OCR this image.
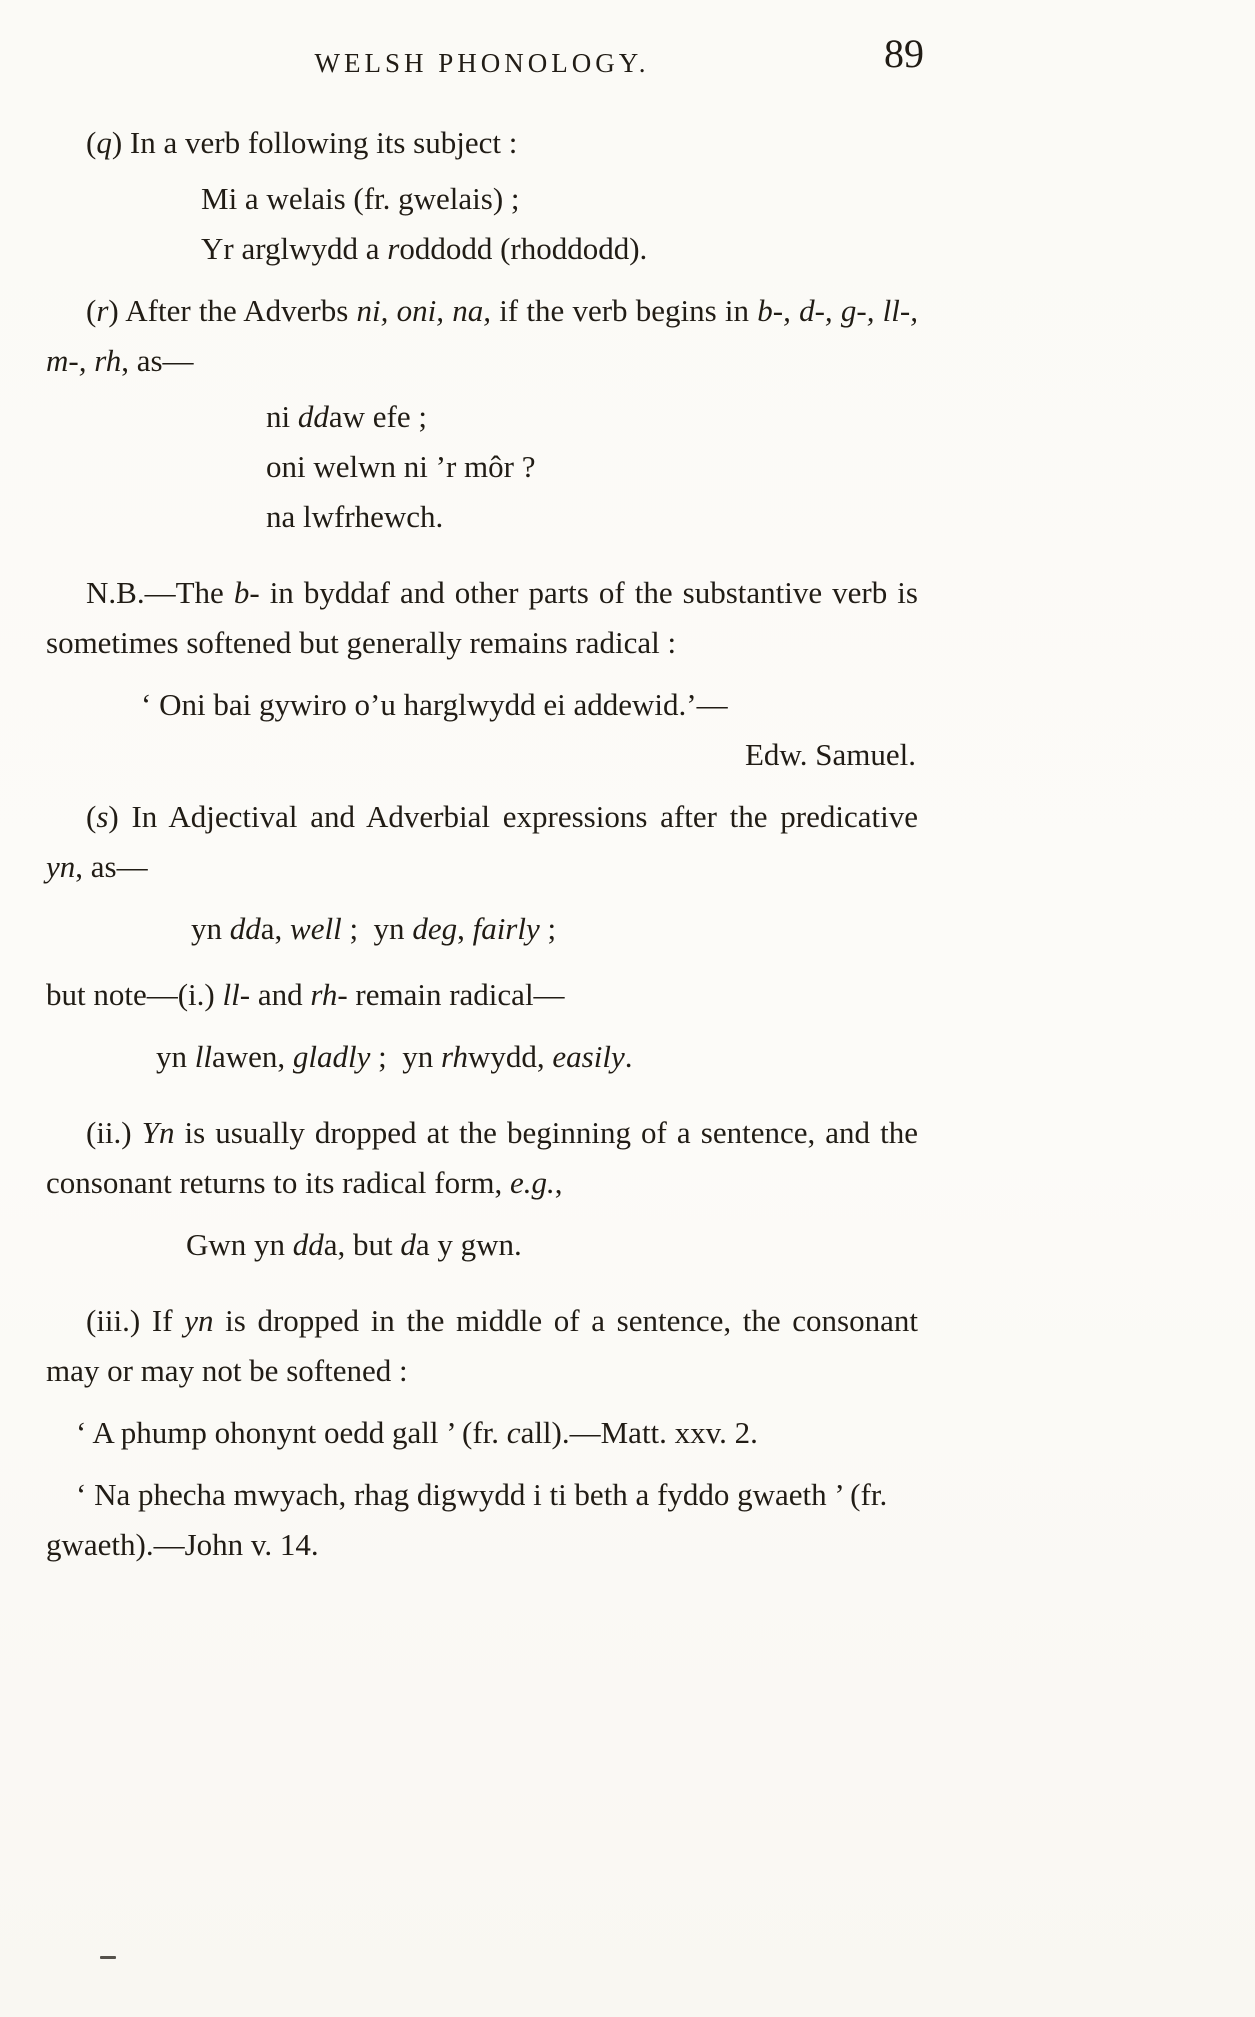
WELSH PHONOLOGY.	89
(q) In a verb following its subject :
Mi a welais (fr. gwelais) ;
Yr arglwydd a roddodd (rhoddodd).
(r) After the Adverbs ni, oni, na, if the verb begins in b-, d-, g-, ll-, m-, rh, as—
ni ddaw efe ;
oni welwn ni ’r môr ?
na lwfrhewch.
N.B.—The b- in byddaf and other parts of the substantive verb is sometimes softened but generally remains radical :
‘ Oni bai gywiro o’u harglwydd ei addewid.’—
Edw. Samuel.
(s) In Adjectival and Adverbial expressions after the predicative yn, as—
yn dda, well ;  yn deg, fairly ;
but note—(i.) ll- and rh- remain radical—
yn llawen, gladly ;  yn rhwydd, easily.
(ii.) Yn is usually dropped at the beginning of a sentence, and the consonant returns to its radical form, e.g.,
Gwn yn dda, but da y gwn.
(iii.) If yn is dropped in the middle of a sentence, the consonant may or may not be softened :
‘ A phump ohonynt oedd gall ’ (fr. call).—Matt. xxv. 2.
‘ Na phecha mwyach, rhag digwydd i ti beth a fyddo gwaeth ’ (fr. gwaeth).—John v. 14.
